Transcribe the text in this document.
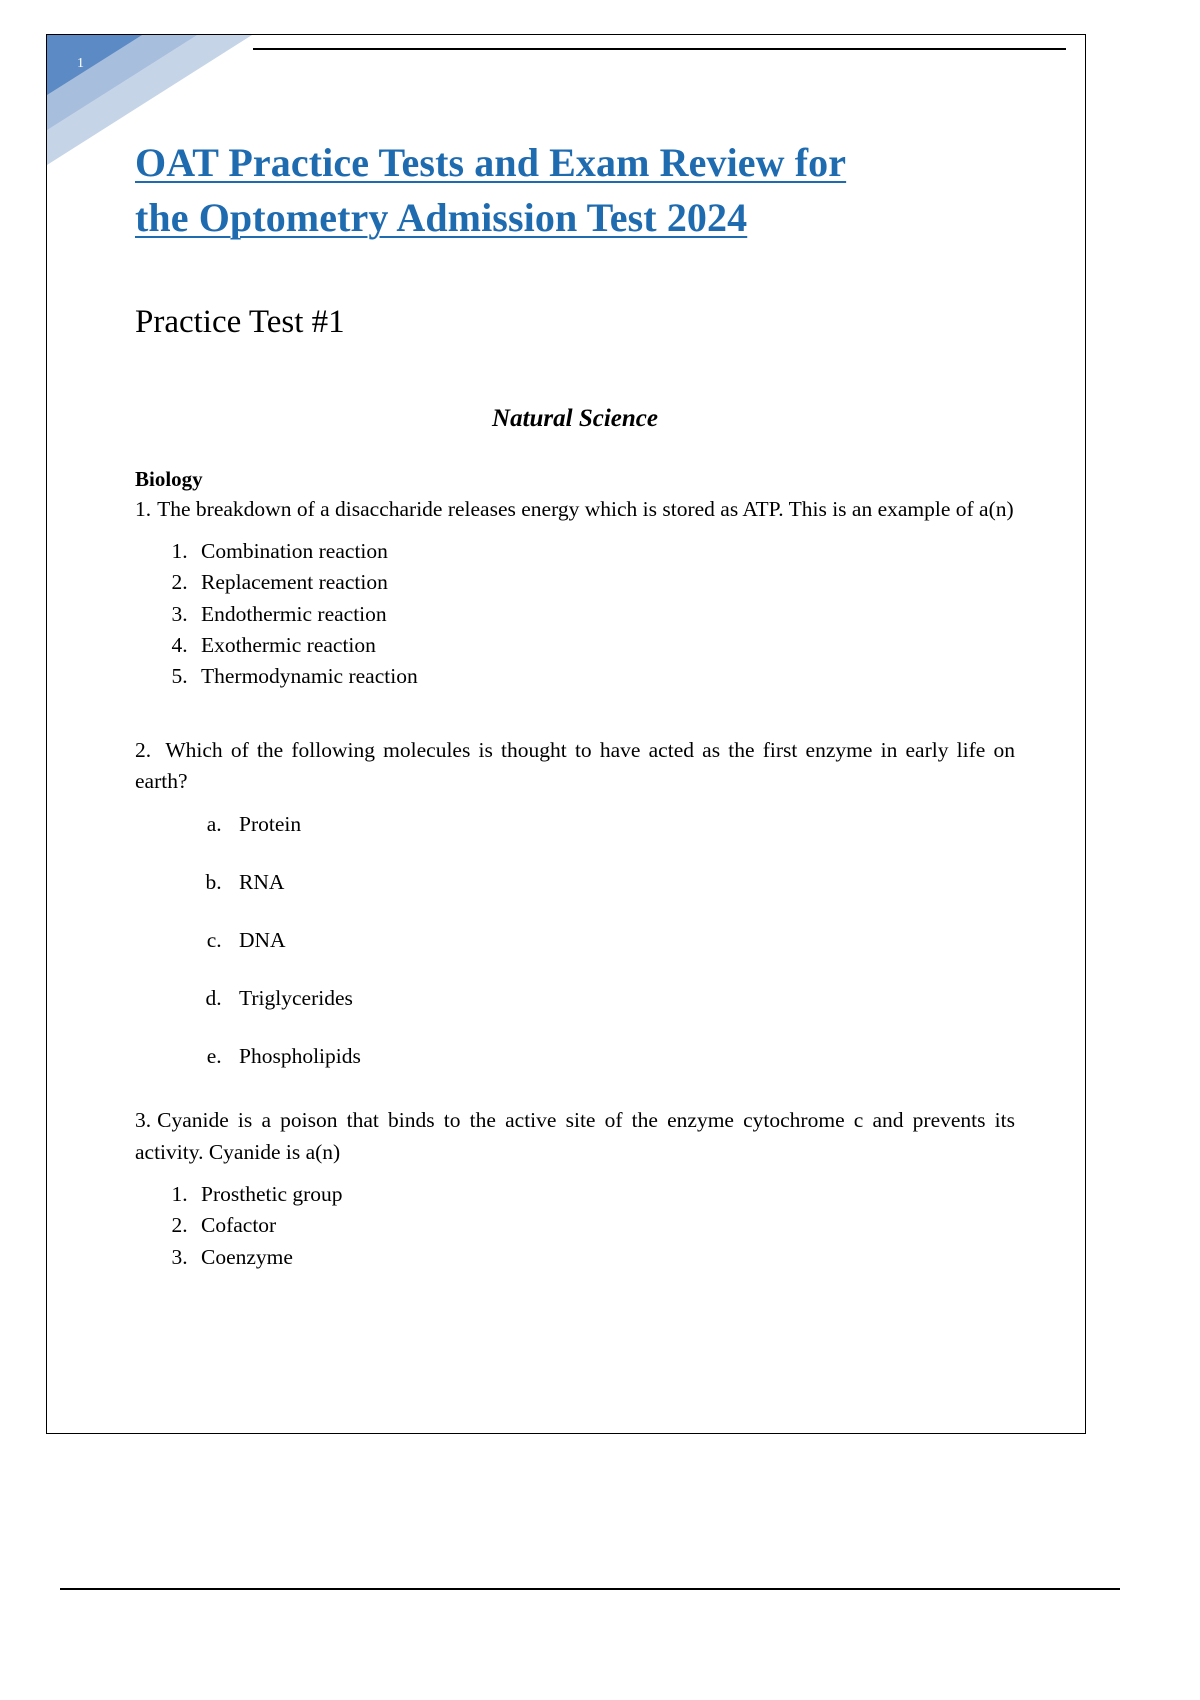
1
OAT Practice Tests and Exam Review for
the Optometry Admission Test 2024
Practice Test #1
Natural Science
Biology

1. The breakdown of a disaccharide releases energy which is stored as ATP. This is an example of a(n)

1. Combination reaction
2. Replacement reaction
3. Endothermic reaction
4. Exothermic reaction
5. Thermodynamic reaction

2. Which of the following molecules is thought to have acted as the first enzyme in early life on earth?

a. Protein
b. RNA
c. DNA
d. Triglycerides
e. Phospholipids

3. Cyanide is a poison that binds to the active site of the enzyme cytochrome c and prevents its activity. Cyanide is a(n)

1. Prosthetic group
2. Cofactor
3. Coenzyme
